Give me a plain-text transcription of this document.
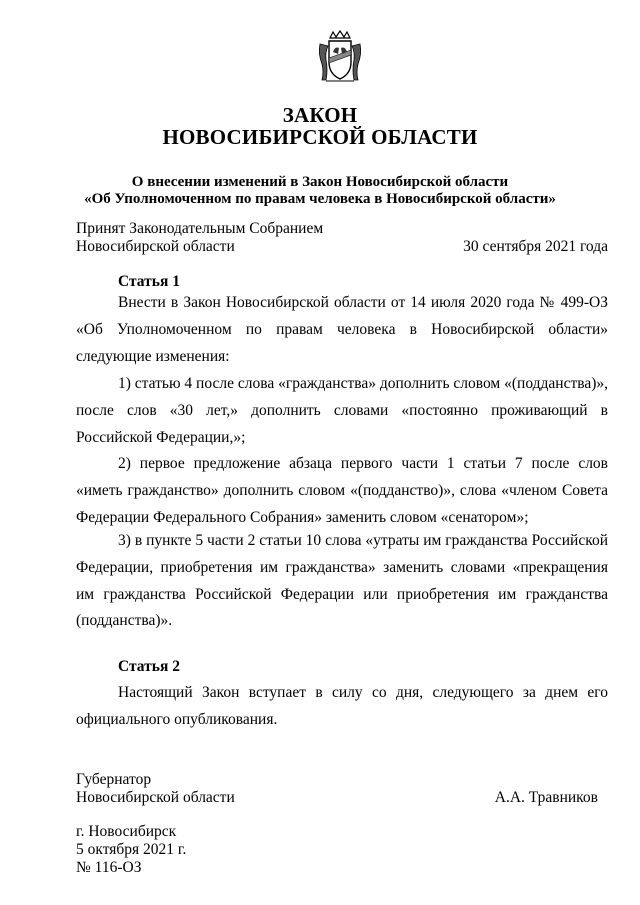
ЗАКОН
НОВОСИБИРСКОЙ ОБЛАСТИ
О внесении изменений в Закон Новосибирской области
«Об Уполномоченном по правам человека в Новосибирской области»
Принят Законодательным Собранием
Новосибирской области	30 сентября 2021 года
Статья 1
Внести в Закон Новосибирской области от 14 июля 2020 года № 499-ОЗ «Об Уполномоченном по правам человека в Новосибирской области» следующие изменения:
1) статью 4 после слова «гражданства» дополнить словом «(подданства)», после слов «30 лет,» дополнить словами «постоянно проживающий в Российской Федерации,»;
2) первое предложение абзаца первого части 1 статьи 7 после слов «иметь гражданство» дополнить словом «(подданство)», слова «членом Совета Федерации Федерального Собрания» заменить словом «сенатором»;
3) в пункте 5 части 2 статьи 10 слова «утраты им гражданства Российской Федерации, приобретения им гражданства» заменить словами «прекращения им гражданства Российской Федерации или приобретения им гражданства (подданства)».
Статья 2
Настоящий Закон вступает в силу со дня, следующего за днем его официального опубликования.
Губернатор
Новосибирской области	А.А. Травников
г. Новосибирск
5 октября 2021 г.
№ 116-ОЗ
